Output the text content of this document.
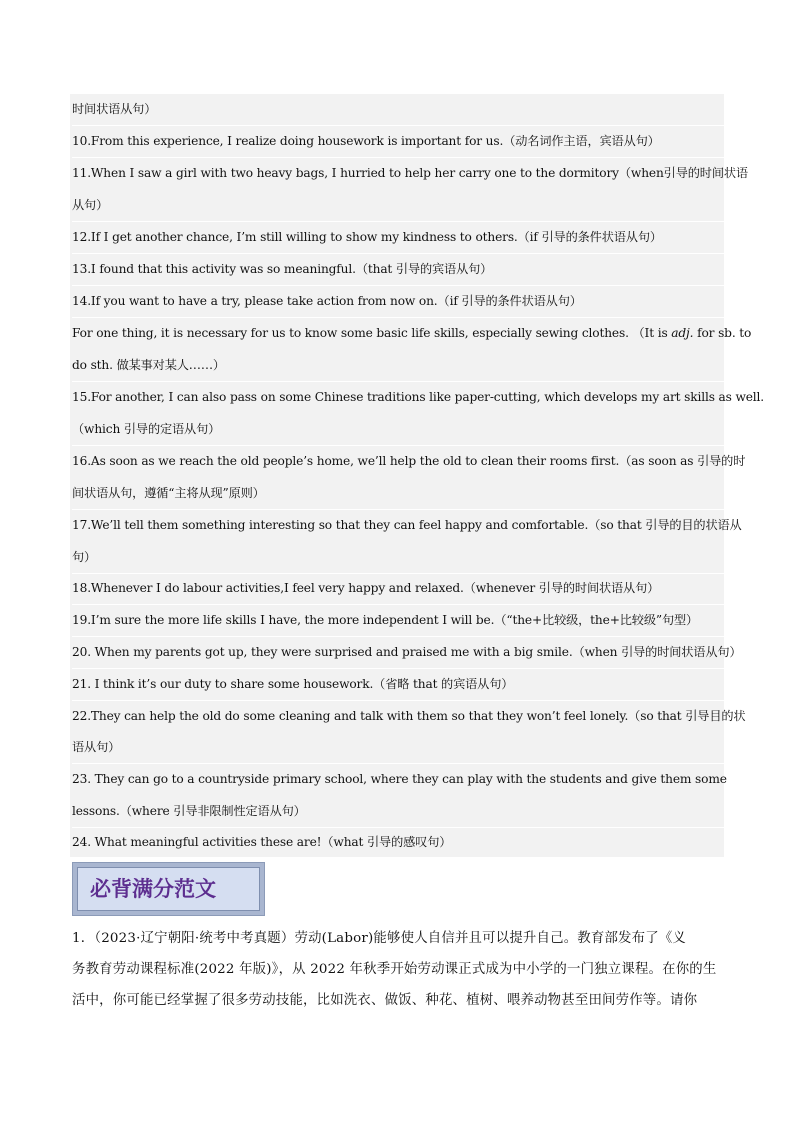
时间状语从句）
10.From this experience, I realize doing housework is important for us.（动名词作主语，宾语从句）
11.When I saw a girl with two heavy bags, I hurried to help her carry one to the dormitory（when引导的时间状语
从句）
12.If I get another chance, I’m still willing to show my kindness to others.（if 引导的条件状语从句）
13.I found that this activity was so meaningful.（that 引导的宾语从句）
14.If you want to have a try, please take action from now on.（if 引导的条件状语从句）
For one thing, it is necessary for us to know some basic life skills, especially sewing clothes. （It is adj. for sb. to
do sth. 做某事对某人……）
15.For another, I can also pass on some Chinese traditions like paper-cutting, which develops my art skills as well.
（which 引导的定语从句）
16.As soon as we reach the old people’s home, we’ll help the old to clean their rooms first.（as soon as 引导的时
间状语从句，遵循“主将从现”原则）
17.We’ll tell them something interesting so that they can feel happy and comfortable.（so that 引导的目的状语从
句）
18.Whenever I do labour activities,I feel very happy and relaxed.（whenever 引导的时间状语从句）
19.I’m sure the more life skills I have, the more independent I will be.（“the+比较级，the+比较级”句型）
20. When my parents got up, they were surprised and praised me with a big smile.（when 引导的时间状语从句）
21. I think it’s our duty to share some housework.（省略 that 的宾语从句）
22.They can help the old do some cleaning and talk with them so that they won’t feel lonely.（so that 引导目的状
语从句）
23. They can go to a countryside primary school, where they can play with the students and give them some
lessons.（where 引导非限制性定语从句）
24. What meaningful activities these are!（what 引导的感叹句）
必背满分范文
1．（2023·辽宁朝阳·统考中考真题）劳动(Labor)能够使人自信并且可以提升自己。教育部发布了《义
务教育劳动课程标准(2022 年版)》，从 2022 年秋季开始劳动课正式成为中小学的一门独立课程。在你的生
活中，你可能已经掌握了很多劳动技能，比如洗衣、做饭、种花、植树、喂养动物甚至田间劳作等。请你
